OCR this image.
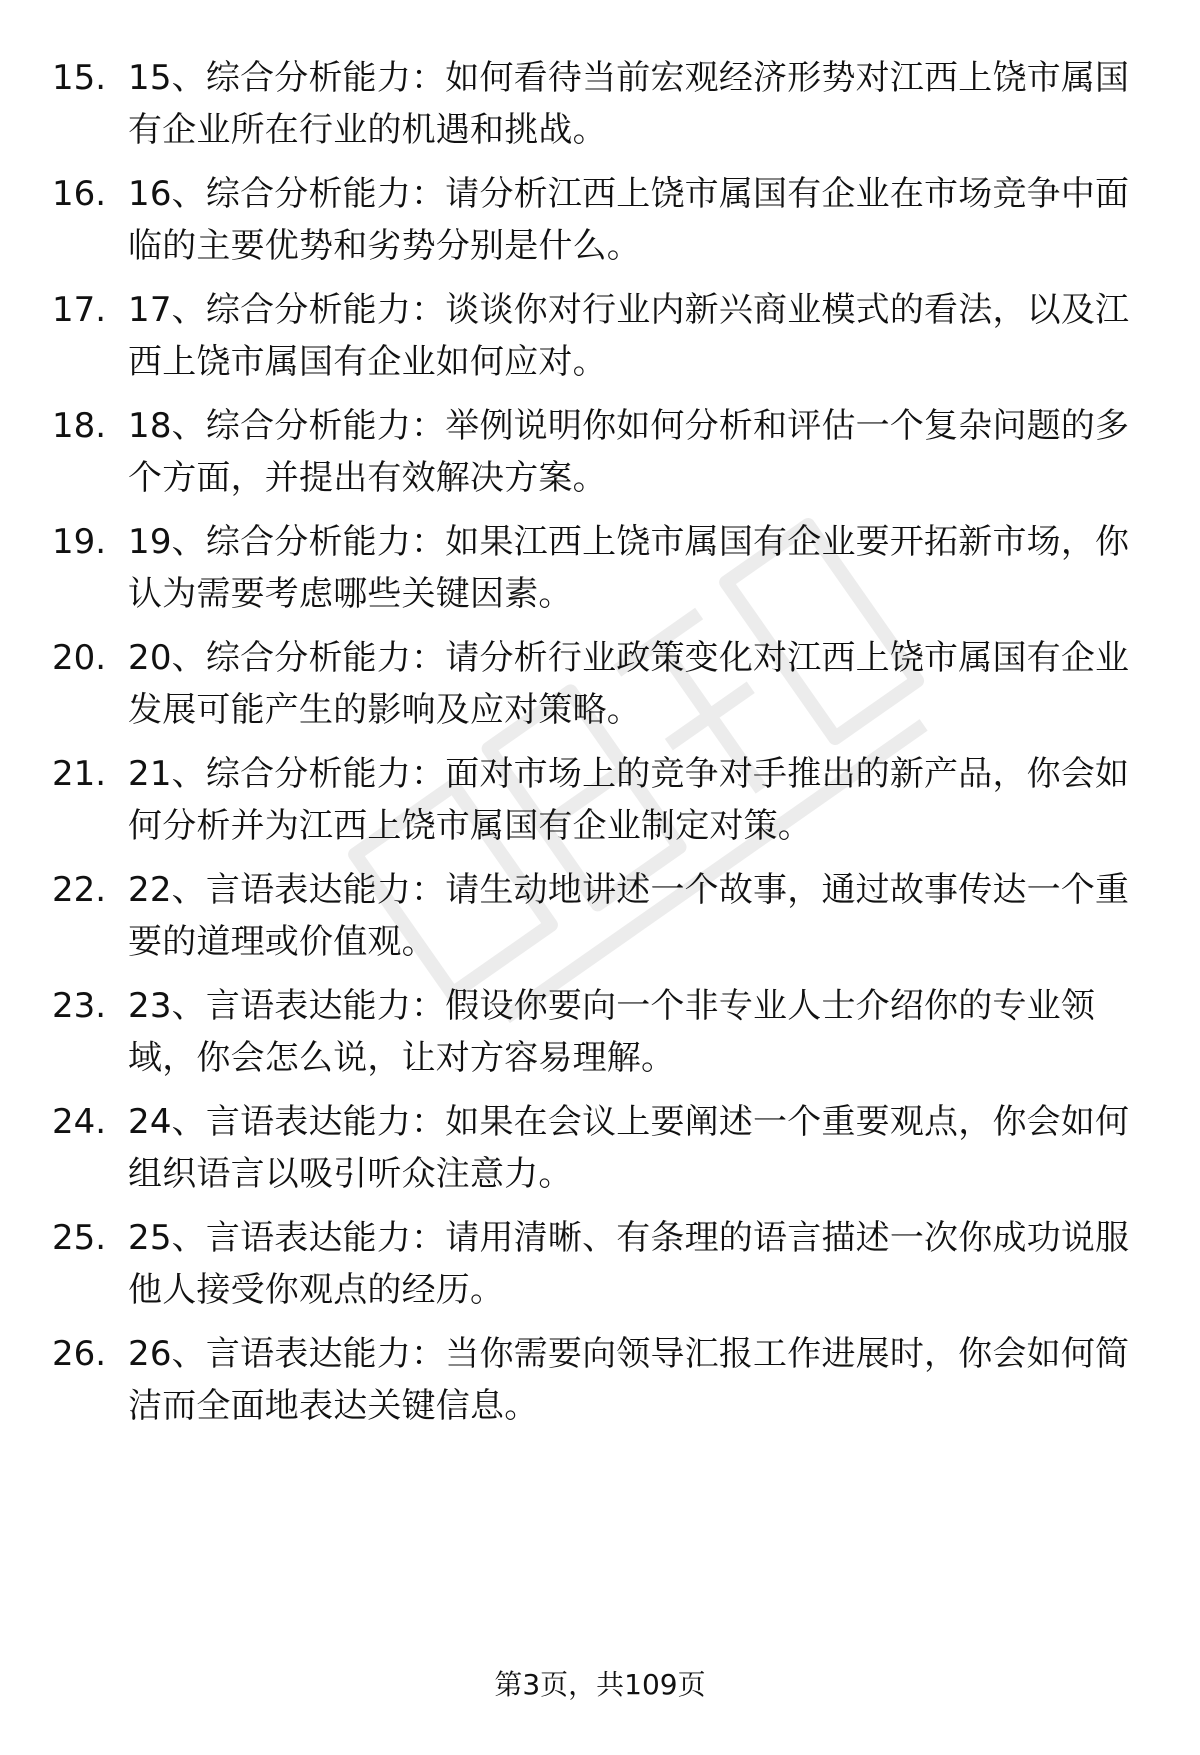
15. 15、综合分析能力：如何看待当前宏观经济形势对江西上饶市属国有企业所在行业的机遇和挑战。
16. 16、综合分析能力：请分析江西上饶市属国有企业在市场竞争中面临的主要优势和劣势分别是什么。
17. 17、综合分析能力：谈谈你对行业内新兴商业模式的看法，以及江西上饶市属国有企业如何应对。
18. 18、综合分析能力：举例说明你如何分析和评估一个复杂问题的多个方面，并提出有效解决方案。
19. 19、综合分析能力：如果江西上饶市属国有企业要开拓新市场，你认为需要考虑哪些关键因素。
20. 20、综合分析能力：请分析行业政策变化对江西上饶市属国有企业发展可能产生的影响及应对策略。
21. 21、综合分析能力：面对市场上的竞争对手推出的新产品，你会如何分析并为江西上饶市属国有企业制定对策。
22. 22、言语表达能力：请生动地讲述一个故事，通过故事传达一个重要的道理或价值观。
23. 23、言语表达能力：假设你要向一个非专业人士介绍你的专业领域，你会怎么说，让对方容易理解。
24. 24、言语表达能力：如果在会议上要阐述一个重要观点，你会如何组织语言以吸引听众注意力。
25. 25、言语表达能力：请用清晰、有条理的语言描述一次你成功说服他人接受你观点的经历。
26. 26、言语表达能力：当你需要向领导汇报工作进展时，你会如何简洁而全面地表达关键信息。
第3页，共109页
